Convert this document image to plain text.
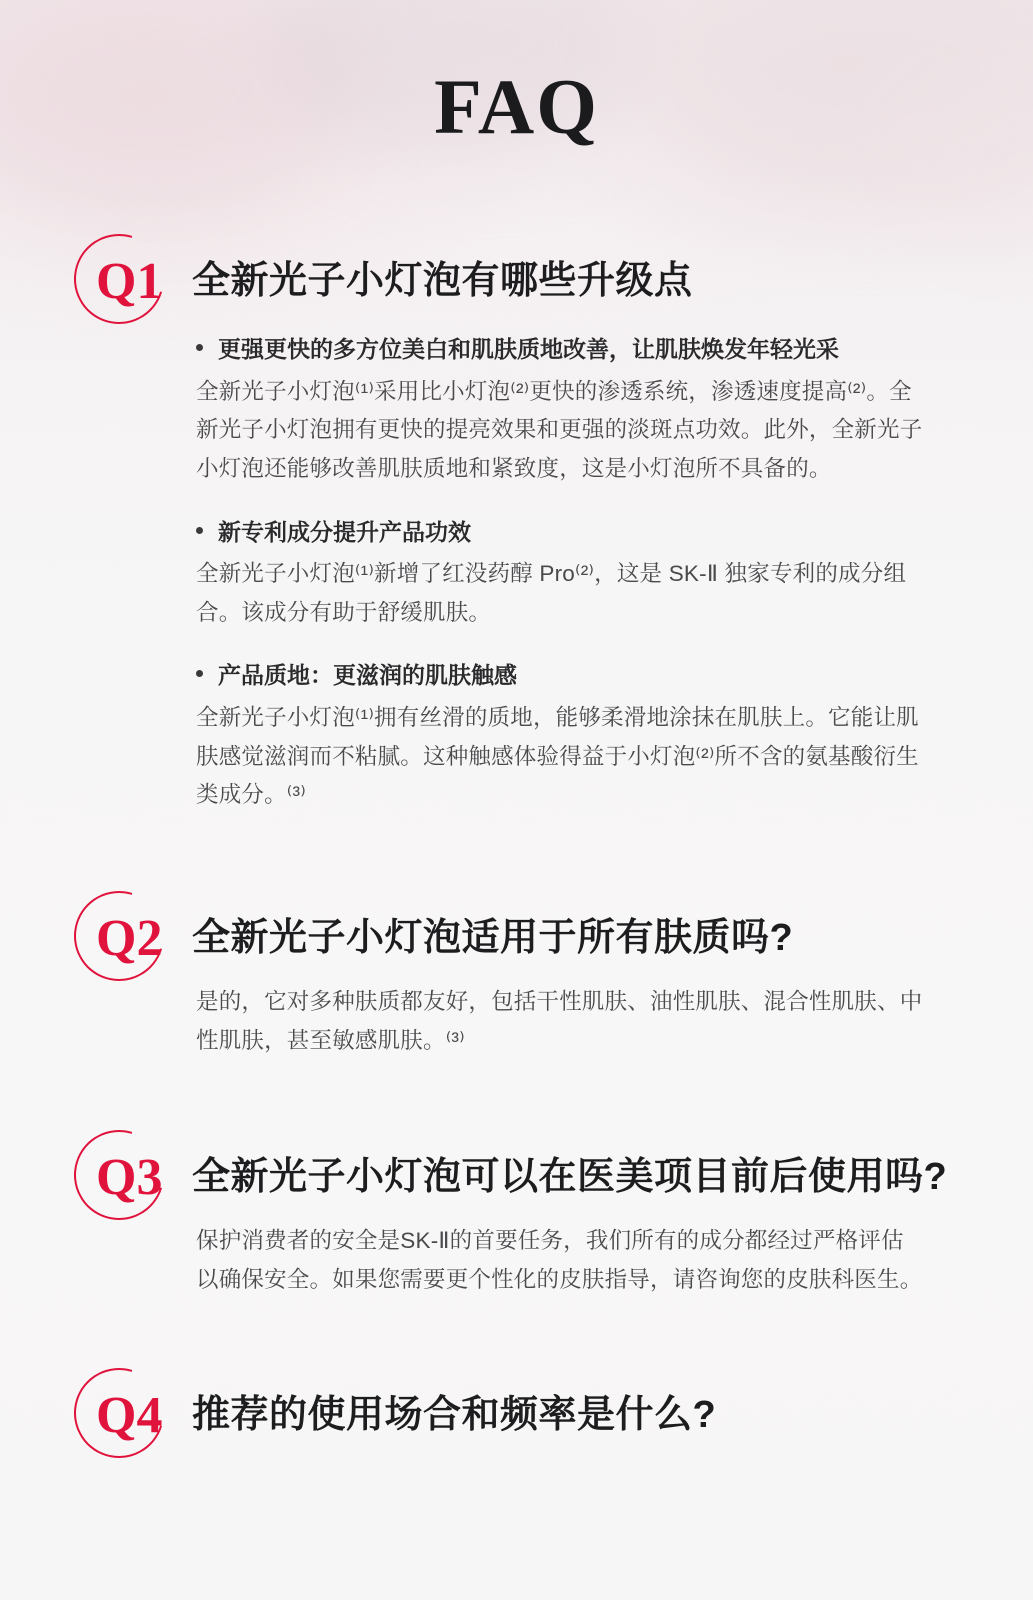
FAQ
Q1 全新光子小灯泡有哪些升级点
更强更快的多方位美白和肌肤质地改善，让肌肤焕发年轻光采
全新光子小灯泡⁽¹⁾采用比小灯泡⁽²⁾更快的渗透系统，渗透速度提高⁽²⁾。全新光子小灯泡拥有更快的提亮效果和更强的淡斑点功效。此外，全新光子小灯泡还能够改善肌肤质地和紧致度，这是小灯泡所不具备的。
新专利成分提升产品功效
全新光子小灯泡⁽¹⁾新增了红没药醇 Pro⁽²⁾，这是 SK-Ⅱ 独家专利的成分组合。该成分有助于舒缓肌肤。
产品质地：更滋润的肌肤触感
全新光子小灯泡⁽¹⁾拥有丝滑的质地，能够柔滑地涂抹在肌肤上。它能让肌肤感觉滋润而不粘腻。这种触感体验得益于小灯泡⁽²⁾所不含的氨基酸衍生类成分。⁽³⁾
Q2 全新光子小灯泡适用于所有肤质吗?
是的，它对多种肤质都友好，包括干性肌肤、油性肌肤、混合性肌肤、中性肌肤，甚至敏感肌肤。⁽³⁾
Q3 全新光子小灯泡可以在医美项目前后使用吗?
保护消费者的安全是SK-Ⅱ的首要任务，我们所有的成分都经过严格评估以确保安全。如果您需要更个性化的皮肤指导，请咨询您的皮肤科医生。
Q4 推荐的使用场合和频率是什么?
